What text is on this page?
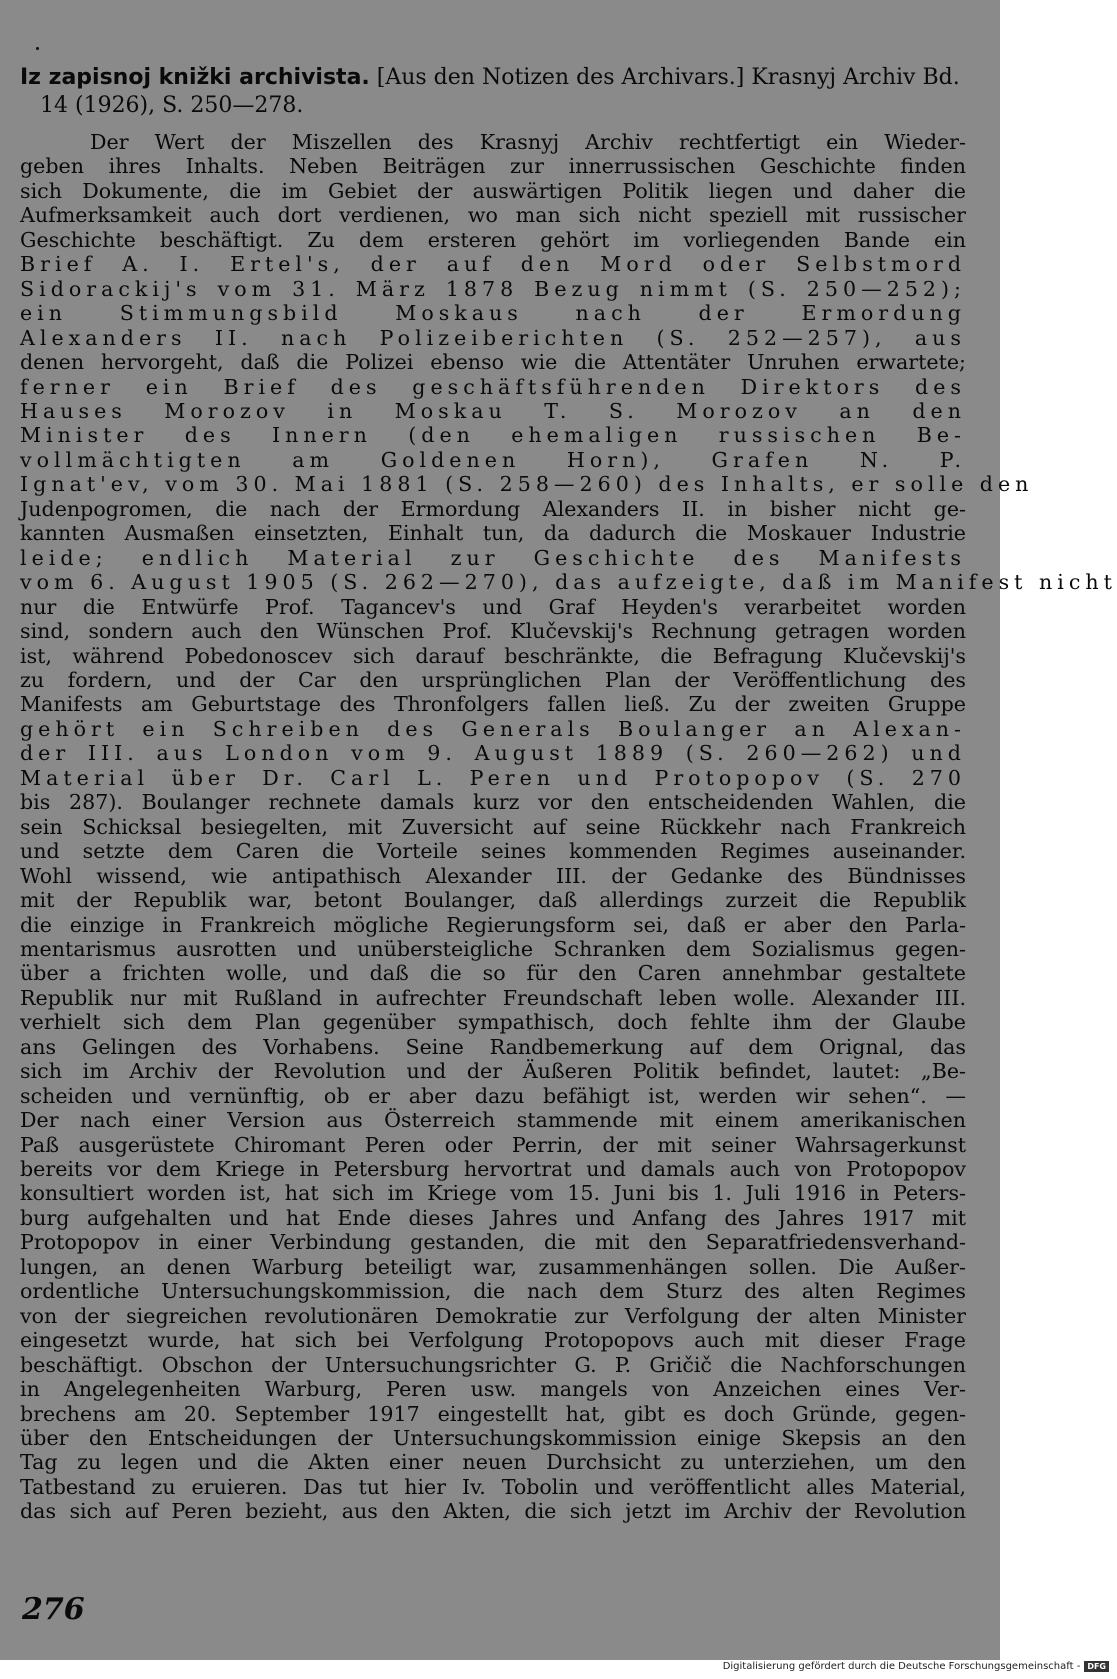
Iz zapisnoj knižki archivista. [Aus den Notizen des Archivars.] Krasnyj Archiv Bd. 14 (1926), S. 250—278.

Der Wert der Miszellen des Krasnyj Archiv rechtfertigt ein Wieder-
geben ihres Inhalts. Neben Beiträgen zur innerrussischen Geschichte finden
sich Dokumente, die im Gebiet der auswärtigen Politik liegen und daher die
Aufmerksamkeit auch dort verdienen, wo man sich nicht speziell mit russischer
Geschichte beschäftigt. Zu dem ersteren gehört im vorliegenden Bande ein
Brief A. I. Ertel's, der auf den Mord oder Selbstmord
Sidorackij's vom 31. März 1878 Bezug nimmt (S. 250—252);
ein Stimmungsbild Moskaus nach der Ermordung
Alexanders II. nach Polizeiberichten (S. 252—257), aus
denen hervorgeht, daß die Polizei ebenso wie die Attentäter Unruhen erwartete;
ferner ein Brief des geschäftsführenden Direktors des
Hauses Morozov in Moskau T. S. Morozov an den
Minister des Innern (den ehemaligen russischen Be-
vollmächtigten am Goldenen Horn), Grafen N. P.
Ignat'ev, vom 30. Mai 1881 (S. 258—260) des Inhalts, er solle den
Judenpogromen, die nach der Ermordung Alexanders II. in bisher nicht ge-
kannten Ausmaßen einsetzten, Einhalt tun, da dadurch die Moskauer Industrie
leide; endlich Material zur Geschichte des Manifests
vom 6. August 1905 (S. 262—270), das aufzeigte, daß im Manifest nicht
nur die Entwürfe Prof. Tagancev's und Graf Heyden's verarbeitet worden
sind, sondern auch den Wünschen Prof. Klučevskij's Rechnung getragen worden
ist, während Pobedonoscev sich darauf beschränkte, die Befragung Klučevskij's
zu fordern, und der Car den ursprünglichen Plan der Veröffentlichung des
Manifests am Geburtstage des Thronfolgers fallen ließ. Zu der zweiten Gruppe
gehört ein Schreiben des Generals Boulanger an Alexan-
der III. aus London vom 9. August 1889 (S. 260—262) und
Material über Dr. Carl L. Peren und Protopopov (S. 270
bis 287). Boulanger rechnete damals kurz vor den entscheidenden Wahlen, die
sein Schicksal besiegelten, mit Zuversicht auf seine Rückkehr nach Frankreich
und setzte dem Caren die Vorteile seines kommenden Regimes auseinander.
Wohl wissend, wie antipathisch Alexander III. der Gedanke des Bündnisses
mit der Republik war, betont Boulanger, daß allerdings zurzeit die Republik
die einzige in Frankreich mögliche Regierungsform sei, daß er aber den Parla-
mentarismus ausrotten und unübersteigliche Schranken dem Sozialismus gegen-
über a frichten wolle, und daß die so für den Caren annehmbar gestaltete
Republik nur mit Rußland in aufrechter Freundschaft leben wolle. Alexander III.
verhielt sich dem Plan gegenüber sympathisch, doch fehlte ihm der Glaube
ans Gelingen des Vorhabens. Seine Randbemerkung auf dem Orignal, das
sich im Archiv der Revolution und der Äußeren Politik befindet, lautet: „Be-
scheiden und vernünftig, ob er aber dazu befähigt ist, werden wir sehen“. —
Der nach einer Version aus Österreich stammende mit einem amerikanischen
Paß ausgerüstete Chiromant Peren oder Perrin, der mit seiner Wahrsagerkunst
bereits vor dem Kriege in Petersburg hervortrat und damals auch von Protopopov
konsultiert worden ist, hat sich im Kriege vom 15. Juni bis 1. Juli 1916 in Peters-
burg aufgehalten und hat Ende dieses Jahres und Anfang des Jahres 1917 mit
Protopopov in einer Verbindung gestanden, die mit den Separatfriedensverhand-
lungen, an denen Warburg beteiligt war, zusammenhängen sollen. Die Außer-
ordentliche Untersuchungskommission, die nach dem Sturz des alten Regimes
von der siegreichen revolutionären Demokratie zur Verfolgung der alten Minister
eingesetzt wurde, hat sich bei Verfolgung Protopopovs auch mit dieser Frage
beschäftigt. Obschon der Untersuchungsrichter G. P. Gričič die Nachforschungen
in Angelegenheiten Warburg, Peren usw. mangels von Anzeichen eines Ver-
brechens am 20. September 1917 eingestellt hat, gibt es doch Gründe, gegen-
über den Entscheidungen der Untersuchungskommission einige Skepsis an den
Tag zu legen und die Akten einer neuen Durchsicht zu unterziehen, um den
Tatbestand zu eruieren. Das tut hier Iv. Tobolin und veröffentlicht alles Material,
das sich auf Peren bezieht, aus den Akten, die sich jetzt im Archiv der Revolution
276
Digitalisierung gefördert durch die Deutsche Forschungsgemeinschaft - DFG
